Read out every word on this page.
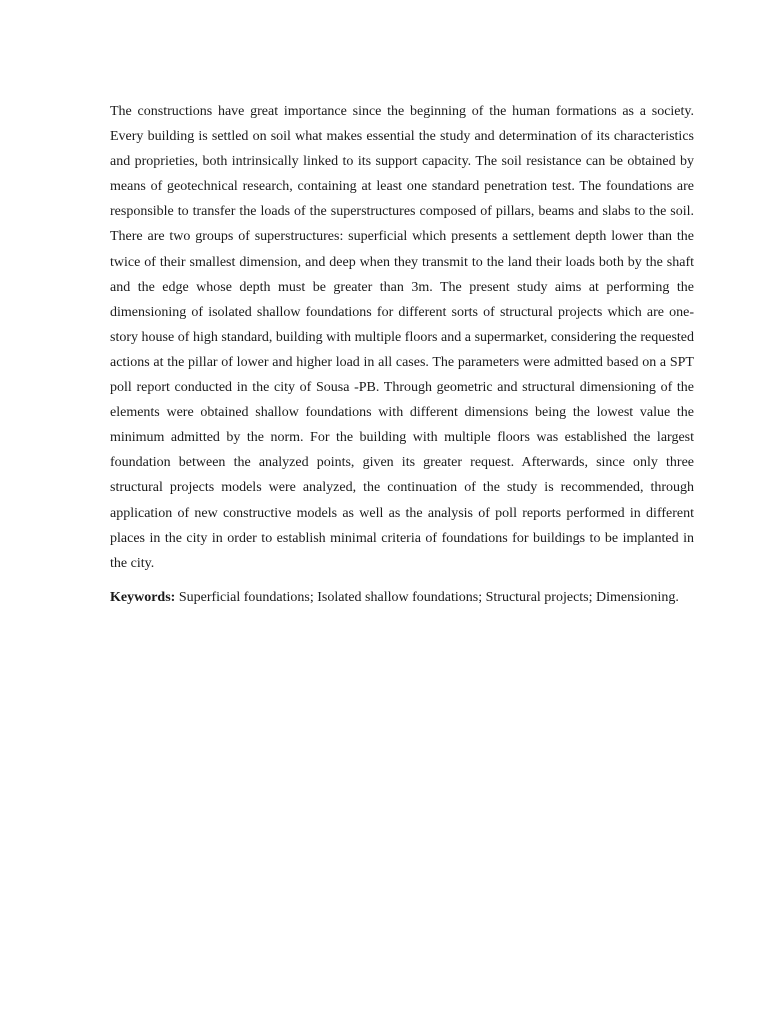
The constructions have great importance since the beginning of the human formations as a society. Every building is settled on soil what makes essential the study and determination of its characteristics and proprieties, both intrinsically linked to its support capacity. The soil resistance can be obtained by means of geotechnical research, containing at least one standard penetration test. The foundations are responsible to transfer the loads of the superstructures composed of pillars, beams and slabs to the soil. There are two groups of superstructures: superficial which presents a settlement depth lower than the twice of their smallest dimension, and deep when they transmit to the land their loads both by the shaft and the edge whose depth must be greater than 3m. The present study aims at performing the dimensioning of isolated shallow foundations for different sorts of structural projects which are one-story house of high standard, building with multiple floors and a supermarket, considering the requested actions at the pillar of lower and higher load in all cases. The parameters were admitted based on a SPT poll report conducted in the city of Sousa -PB. Through geometric and structural dimensioning of the elements were obtained shallow foundations with different dimensions being the lowest value the minimum admitted by the norm. For the building with multiple floors was established the largest foundation between the analyzed points, given its greater request. Afterwards, since only three structural projects models were analyzed, the continuation of the study is recommended, through application of new constructive models as well as the analysis of poll reports performed in different places in the city in order to establish minimal criteria of foundations for buildings to be implanted in the city.

Keywords: Superficial foundations; Isolated shallow foundations; Structural projects; Dimensioning.
